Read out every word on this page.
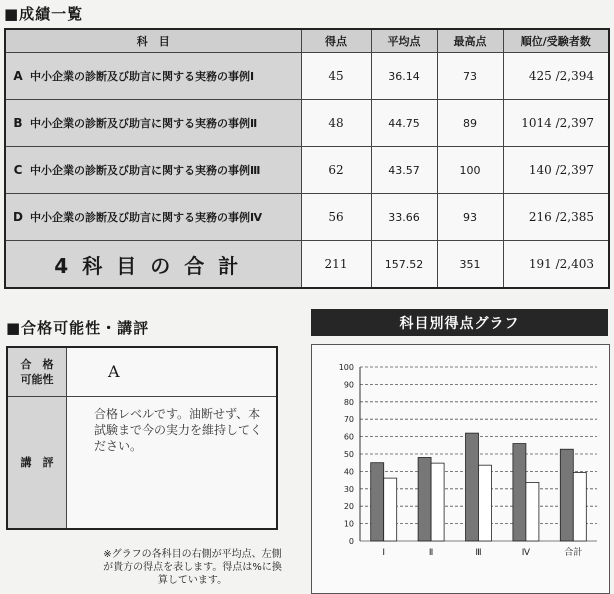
■成績一覧
科　目	得点	平均点	最高点	順位/受験者数
A 中小企業の診断及び助言に関する実務の事例Ⅰ	45	36.14	73	425 /2,394
B 中小企業の診断及び助言に関する実務の事例Ⅱ	48	44.75	89	1014 /2,397
C 中小企業の診断及び助言に関する実務の事例Ⅲ	62	43.57	100	140 /2,397
D 中小企業の診断及び助言に関する実務の事例Ⅳ	56	33.66	93	216 /2,385
4科目の合計	211	157.52	351	191 /2,403
■合格可能性・講評
合　格
可能性	A
講　評
合格レベルです。油断せず、本試験まで今の実力を維持してください。
科目別得点グラフ
0
10
20
30
40
50
60
70
80
90
100
Ⅰ	Ⅱ	Ⅲ	Ⅳ	合計
※グラフの各科目の右側が平均点、左側が貴方の得点を表します。得点は%に換算しています。
